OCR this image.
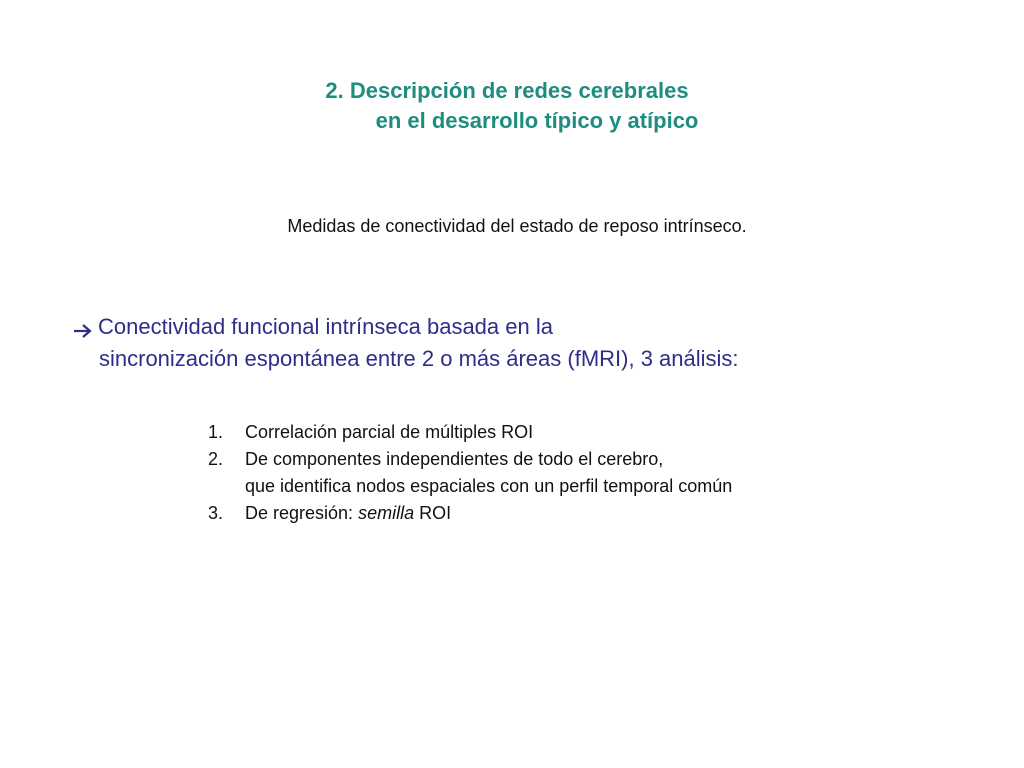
2. Descripción de redes cerebrales
en el desarrollo típico y atípico
Medidas de conectividad del estado de reposo intrínseco.
Conectividad funcional intrínseca basada en la
sincronización espontánea entre 2 o más áreas (fMRI), 3 análisis:
1.	Correlación parcial de múltiples ROI
2.	De componentes independientes de todo el cerebro,
que identifica nodos espaciales con un perfil temporal común
3.	De regresión: semilla ROI
